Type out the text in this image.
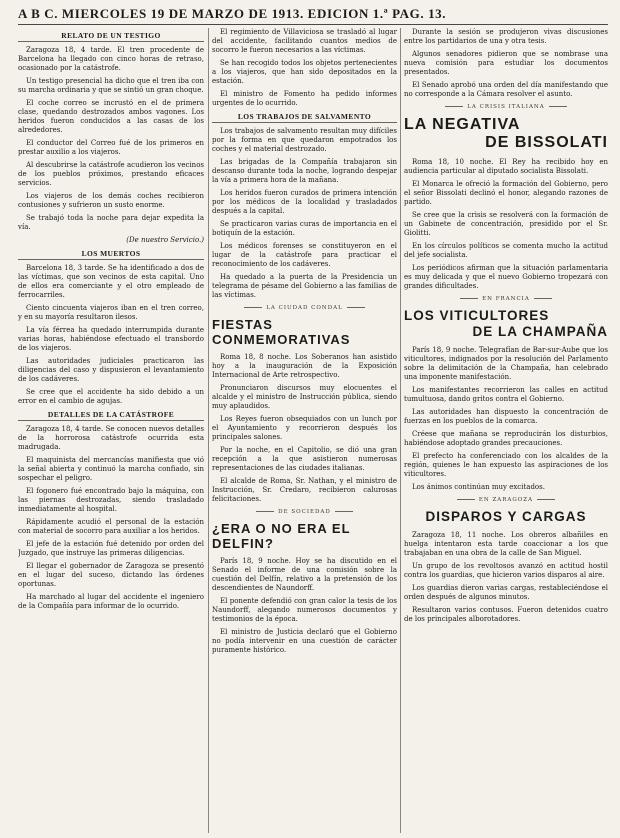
A B C. MIERCOLES 19 DE MARZO DE 1913. EDICION 1.ª PAG. 13.
RELATO DE UN TESTIGO

Zaragoza 18, 4 tarde. El tren procedente de Barcelona ha llegado con cinco horas de retraso, ocasionado por la catástrofe.

Un testigo presencial ha dicho que el tren iba con su marcha ordinaria y que se sintió un gran choque.

El coche correo se incrustó en el de primera clase, quedando destrozados ambos vagones. Los heridos fueron conducidos a las casas de los alrededores.

El conductor del Correo fué de los primeros en prestar auxilio a los viajeros.

Al descubrirse la catástrofe acudieron los vecinos de los pueblos próximos, prestando eficaces servicios.

Los viajeros de los demás coches recibieron contusiones y sufrieron un susto enorme.

Se trabajó toda la noche para dejar expedita la vía.

(De nuestro Servicio.)

LOS MUERTOS

Barcelona 18, 3 tarde. Se ha identificado a dos de las víctimas, que son vecinos de esta capital. Uno de ellos era comerciante y el otro empleado de ferrocarriles.

Ciento cincuenta viajeros iban en el tren correo, y en su mayoría resultaron ilesos.

La vía férrea ha quedado interrumpida durante varias horas, habiéndose efectuado el transbordo de los viajeros.

Las autoridades judiciales practicaron las diligencias del caso y dispusieron el levantamiento de los cadáveres.

Se cree que el accidente ha sido debido a un error en el cambio de agujas.

DETALLES DE LA CATÁSTROFE

Zaragoza 18, 4 tarde. Se conocen nuevos detalles de la horrorosa catástrofe ocurrida esta madrugada.

El maquinista del mercancías manifiesta que vió la señal abierta y continuó la marcha confiado, sin sospechar el peligro.

El fogonero fué encontrado bajo la máquina, con las piernas destrozadas, siendo trasladado inmediatamente al hospital.

Rápidamente acudió el personal de la estación con material de socorro para auxiliar a los heridos.

El jefe de la estación fué detenido por orden del Juzgado, que instruye las primeras diligencias.

El llegar el gobernador de Zaragoza se presentó en el lugar del suceso, dictando las órdenes oportunas.

Ha marchado al lugar del accidente el ingeniero de la Compañía para informar de lo ocurrido.

El regimiento de Villaviciosa se trasladó al lugar del accidente, facilitando cuantos medios de socorro le fueron necesarios a las víctimas.

Se han recogido todos los objetos pertenecientes a los viajeros, que han sido depositados en la estación.

El ministro de Fomento ha pedido informes urgentes de lo ocurrido.

LOS TRABAJOS DE SALVAMENTO

Los trabajos de salvamento resultan muy difíciles por la forma en que quedaron empotrados los coches y el material destrozado.

Las brigadas de la Compañía trabajaron sin descanso durante toda la noche, logrando despejar la vía a primera hora de la mañana.

Los heridos fueron curados de primera intención por los médicos de la localidad y trasladados después a la capital.

Se practicaron varias curas de importancia en el botiquín de la estación.

Los médicos forenses se constituyeron en el lugar de la catástrofe para practicar el reconocimiento de los cadáveres.

Ha quedado a la puerta de la Presidencia un telegrama de pésame del Gobierno a las familias de las víctimas.

LA CIUDAD CONDAL
FIESTAS CONMEMORATIVAS

Roma 18, 8 noche. Los Soberanos han asistido hoy a la inauguración de la Exposición Internacional de Arte retrospectivo.

Pronunciaron discursos muy elocuentes el alcalde y el ministro de Instrucción pública, siendo muy aplaudidos.

Los Reyes fueron obsequiados con un lunch por el Ayuntamiento y recorrieron después los principales salones.

Por la noche, en el Capitolio, se dió una gran recepción a la que asistieron numerosas representaciones de las ciudades italianas.

El alcalde de Roma, Sr. Nathan, y el ministro de Instrucción, Sr. Credaro, recibieron calurosas felicitaciones.

DE SOCIEDAD
¿ERA O NO ERA EL DELFIN?

París 18, 9 noche. Hoy se ha discutido en el Senado el informe de una comisión sobre la cuestión del Delfín, relativo a la pretensión de los descendientes de Naundorff.

El ponente defendió con gran calor la tesis de los Naundorff, alegando numerosos documentos y testimonios de la época.

El ministro de Justicia declaró que el Gobierno no podía intervenir en una cuestión de carácter puramente histórico.

Durante la sesión se produjeron vivas discusiones entre los partidarios de una y otra tesis.

Algunos senadores pidieron que se nombrase una nueva comisión para estudiar los documentos presentados.

El Senado aprobó una orden del día manifestando que no corresponde a la Cámara resolver el asunto.

LA CRISIS ITALIANA
LA NEGATIVA
DE BISSOLATI

Roma 18, 10 noche. El Rey ha recibido hoy en audiencia particular al diputado socialista Bissolati.

El Monarca le ofreció la formación del Gobierno, pero el señor Bissolati declinó el honor, alegando razones de partido.

Se cree que la crisis se resolverá con la formación de un Gabinete de concentración, presidido por el Sr. Giolitti.

En los círculos políticos se comenta mucho la actitud del jefe socialista.

Los periódicos afirman que la situación parlamentaria es muy delicada y que el nuevo Gobierno tropezará con grandes dificultades.

EN FRANCIA
LOS VITICULTORES
DE LA CHAMPAÑA

París 18, 9 noche. Telegrafían de Bar-sur-Aube que los viticultores, indignados por la resolución del Parlamento sobre la delimitación de la Champaña, han celebrado una imponente manifestación.

Los manifestantes recorrieron las calles en actitud tumultuosa, dando gritos contra el Gobierno.

Las autoridades han dispuesto la concentración de fuerzas en los pueblos de la comarca.

Créese que mañana se reproducirán los disturbios, habiéndose adoptado grandes precauciones.

El prefecto ha conferenciado con los alcaldes de la región, quienes le han expuesto las aspiraciones de los viticultores.

Los ánimos continúan muy excitados.

EN ZARAGOZA
DISPAROS Y CARGAS

Zaragoza 18, 11 noche. Los obreros albañiles en huelga intentaron esta tarde coaccionar a los que trabajaban en una obra de la calle de San Miguel.

Un grupo de los revoltosos avanzó en actitud hostil contra los guardias, que hicieron varios disparos al aire.

Los guardias dieron varias cargas, restableciéndose el orden después de algunos minutos.

Resultaron varios contusos. Fueron detenidos cuatro de los principales alborotadores.
